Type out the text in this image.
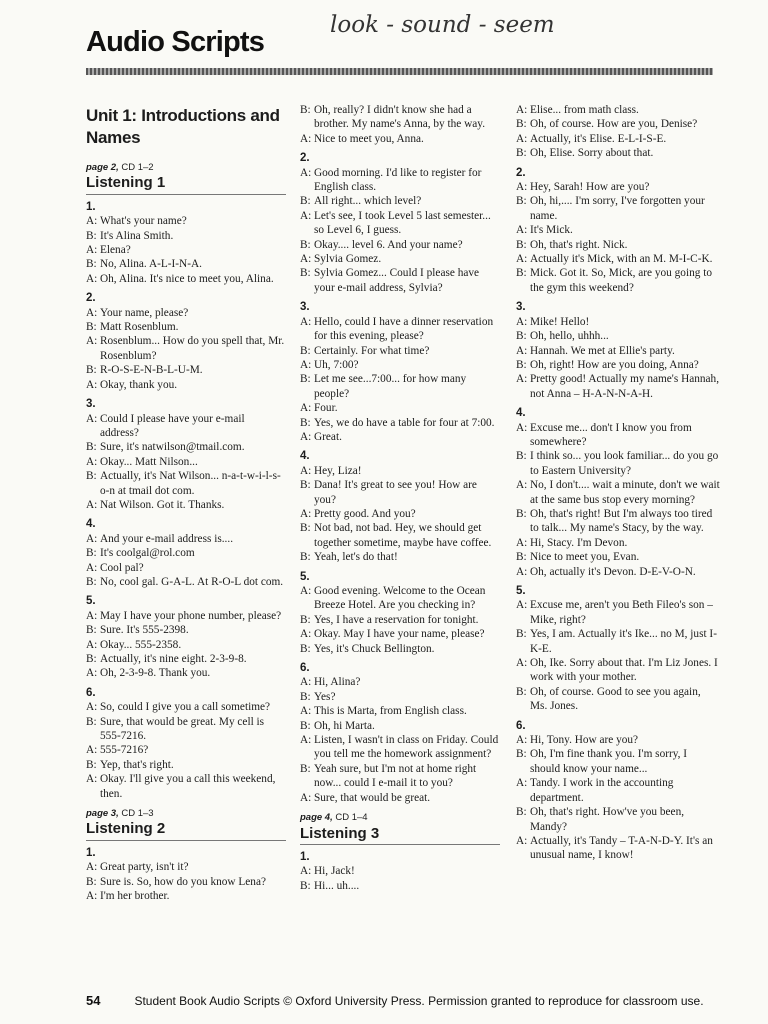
Audio Scripts
look - sound - seem
Unit 1: Introductions and Names
page 2, CD 1–2
Listening 1
1.
A: What's your name?
B: It's Alina Smith.
A: Elena?
B: No, Alina. A-L-I-N-A.
A: Oh, Alina. It's nice to meet you, Alina.
2.
A: Your name, please?
B: Matt Rosenblum.
A: Rosenblum... How do you spell that, Mr. Rosenblum?
B: R-O-S-E-N-B-L-U-M.
A: Okay, thank you.
3.
A: Could I please have your e-mail address?
B: Sure, it's natwilson@tmail.com.
A: Okay... Matt Nilson...
B: Actually, it's Nat Wilson... n-a-t-w-i-l-s-o-n at tmail dot com.
A: Nat Wilson. Got it. Thanks.
4.
A: And your e-mail address is....
B: It's coolgal@rol.com
A: Cool pal?
B: No, cool gal. G-A-L. At R-O-L dot com.
5.
A: May I have your phone number, please?
B: Sure. It's 555-2398.
A: Okay... 555-2358.
B: Actually, it's nine eight. 2-3-9-8.
A: Oh, 2-3-9-8. Thank you.
6.
A: So, could I give you a call sometime?
B: Sure, that would be great. My cell is 555-7216.
A: 555-7216?
B: Yep, that's right.
A: Okay. I'll give you a call this weekend, then.
page 3, CD 1–3
Listening 2
1.
A: Great party, isn't it?
B: Sure is. So, how do you know Lena?
A: I'm her brother.
B: Oh, really? I didn't know she had a brother. My name's Anna, by the way.
A: Nice to meet you, Anna.
2.
A: Good morning. I'd like to register for English class.
B: All right... which level?
A: Let's see, I took Level 5 last semester... so Level 6, I guess.
B: Okay.... level 6. And your name?
A: Sylvia Gomez.
B: Sylvia Gomez... Could I please have your e-mail address, Sylvia?
3.
A: Hello, could I have a dinner reservation for this evening, please?
B: Certainly. For what time?
A: Uh, 7:00?
B: Let me see...7:00... for how many people?
A: Four.
B: Yes, we do have a table for four at 7:00.
A: Great.
4.
A: Hey, Liza!
B: Dana! It's great to see you! How are you?
A: Pretty good. And you?
B: Not bad, not bad. Hey, we should get together sometime, maybe have coffee.
B: Yeah, let's do that!
5.
A: Good evening. Welcome to the Ocean Breeze Hotel. Are you checking in?
B: Yes, I have a reservation for tonight.
A: Okay. May I have your name, please?
B: Yes, it's Chuck Bellington.
6.
A: Hi, Alina?
B: Yes?
A: This is Marta, from English class.
B: Oh, hi Marta.
A: Listen, I wasn't in class on Friday. Could you tell me the homework assignment?
B: Yeah sure, but I'm not at home right now... could I e-mail it to you?
A: Sure, that would be great.
page 4, CD 1–4
Listening 3
1.
A: Hi, Jack!
B: Hi... uh....
A: Elise... from math class.
B: Oh, of course. How are you, Denise?
A: Actually, it's Elise. E-L-I-S-E.
B: Oh, Elise. Sorry about that.
2.
A: Hey, Sarah! How are you?
B: Oh, hi,.... I'm sorry, I've forgotten your name.
A: It's Mick.
B: Oh, that's right. Nick.
A: Actually it's Mick, with an M. M-I-C-K.
B: Mick. Got it. So, Mick, are you going to the gym this weekend?
3.
A: Mike! Hello!
B: Oh, hello, uhhh...
A: Hannah. We met at Ellie's party.
B: Oh, right! How are you doing, Anna?
A: Pretty good! Actually my name's Hannah, not Anna – H-A-N-N-A-H.
4.
A: Excuse me... don't I know you from somewhere?
B: I think so... you look familiar... do you go to Eastern University?
A: No, I don't.... wait a minute, don't we wait at the same bus stop every morning?
B: Oh, that's right! But I'm always too tired to talk... My name's Stacy, by the way.
A: Hi, Stacy. I'm Devon.
B: Nice to meet you, Evan.
A: Oh, actually it's Devon. D-E-V-O-N.
5.
A: Excuse me, aren't you Beth Fileo's son – Mike, right?
B: Yes, I am. Actually it's Ike... no M, just I-K-E.
A: Oh, Ike. Sorry about that. I'm Liz Jones. I work with your mother.
B: Oh, of course. Good to see you again, Ms. Jones.
6.
A: Hi, Tony. How are you?
B: Oh, I'm fine thank you. I'm sorry, I should know your name...
A: Tandy. I work in the accounting department.
B: Oh, that's right. How've you been, Mandy?
A: Actually, it's Tandy – T-A-N-D-Y. It's an unusual name, I know!
54	Student Book Audio Scripts © Oxford University Press. Permission granted to reproduce for classroom use.
